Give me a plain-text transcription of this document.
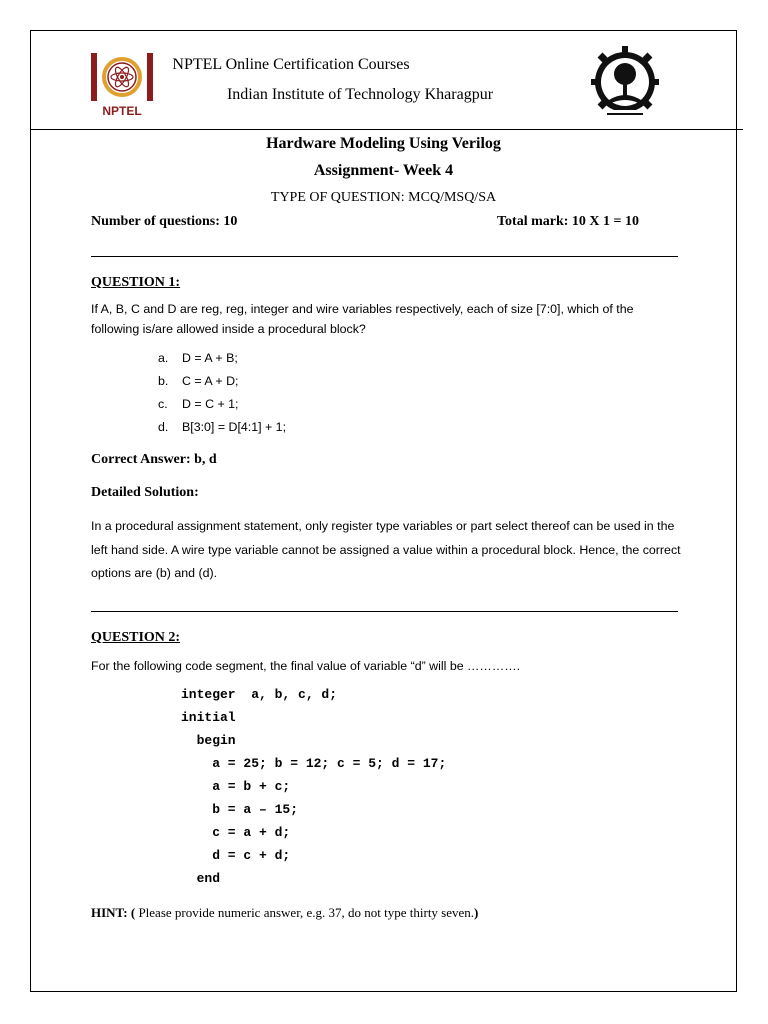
NPTEL
NPTEL Online Certification Courses
Indian Institute of Technology Kharagpur
Hardware Modeling Using Verilog
Assignment- Week 4
TYPE OF QUESTION: MCQ/MSQ/SA
Number of questions: 10	Total mark: 10 X 1 = 10
QUESTION 1:
If A, B, C and D are reg, reg, integer and wire variables respectively, each of size [7:0], which of the following is/are allowed inside a procedural block?
a. D = A + B;
b. C = A + D;
c. D = C + 1;
d. B[3:0] = D[4:1] + 1;
Correct Answer: b, d
Detailed Solution:
In a procedural assignment statement, only register type variables or part select thereof can be used in the left hand side. A wire type variable cannot be assigned a value within a procedural block. Hence, the correct options are (b) and (d).
QUESTION 2:
For the following code segment, the final value of variable “d” will be ………….
integer  a, b, c, d;
initial
begin
a = 25; b = 12; c = 5; d = 17;
a = b + c;
b = a – 15;
c = a + d;
d = c + d;
end
HINT: ( Please provide numeric answer, e.g. 37, do not type thirty seven.)
